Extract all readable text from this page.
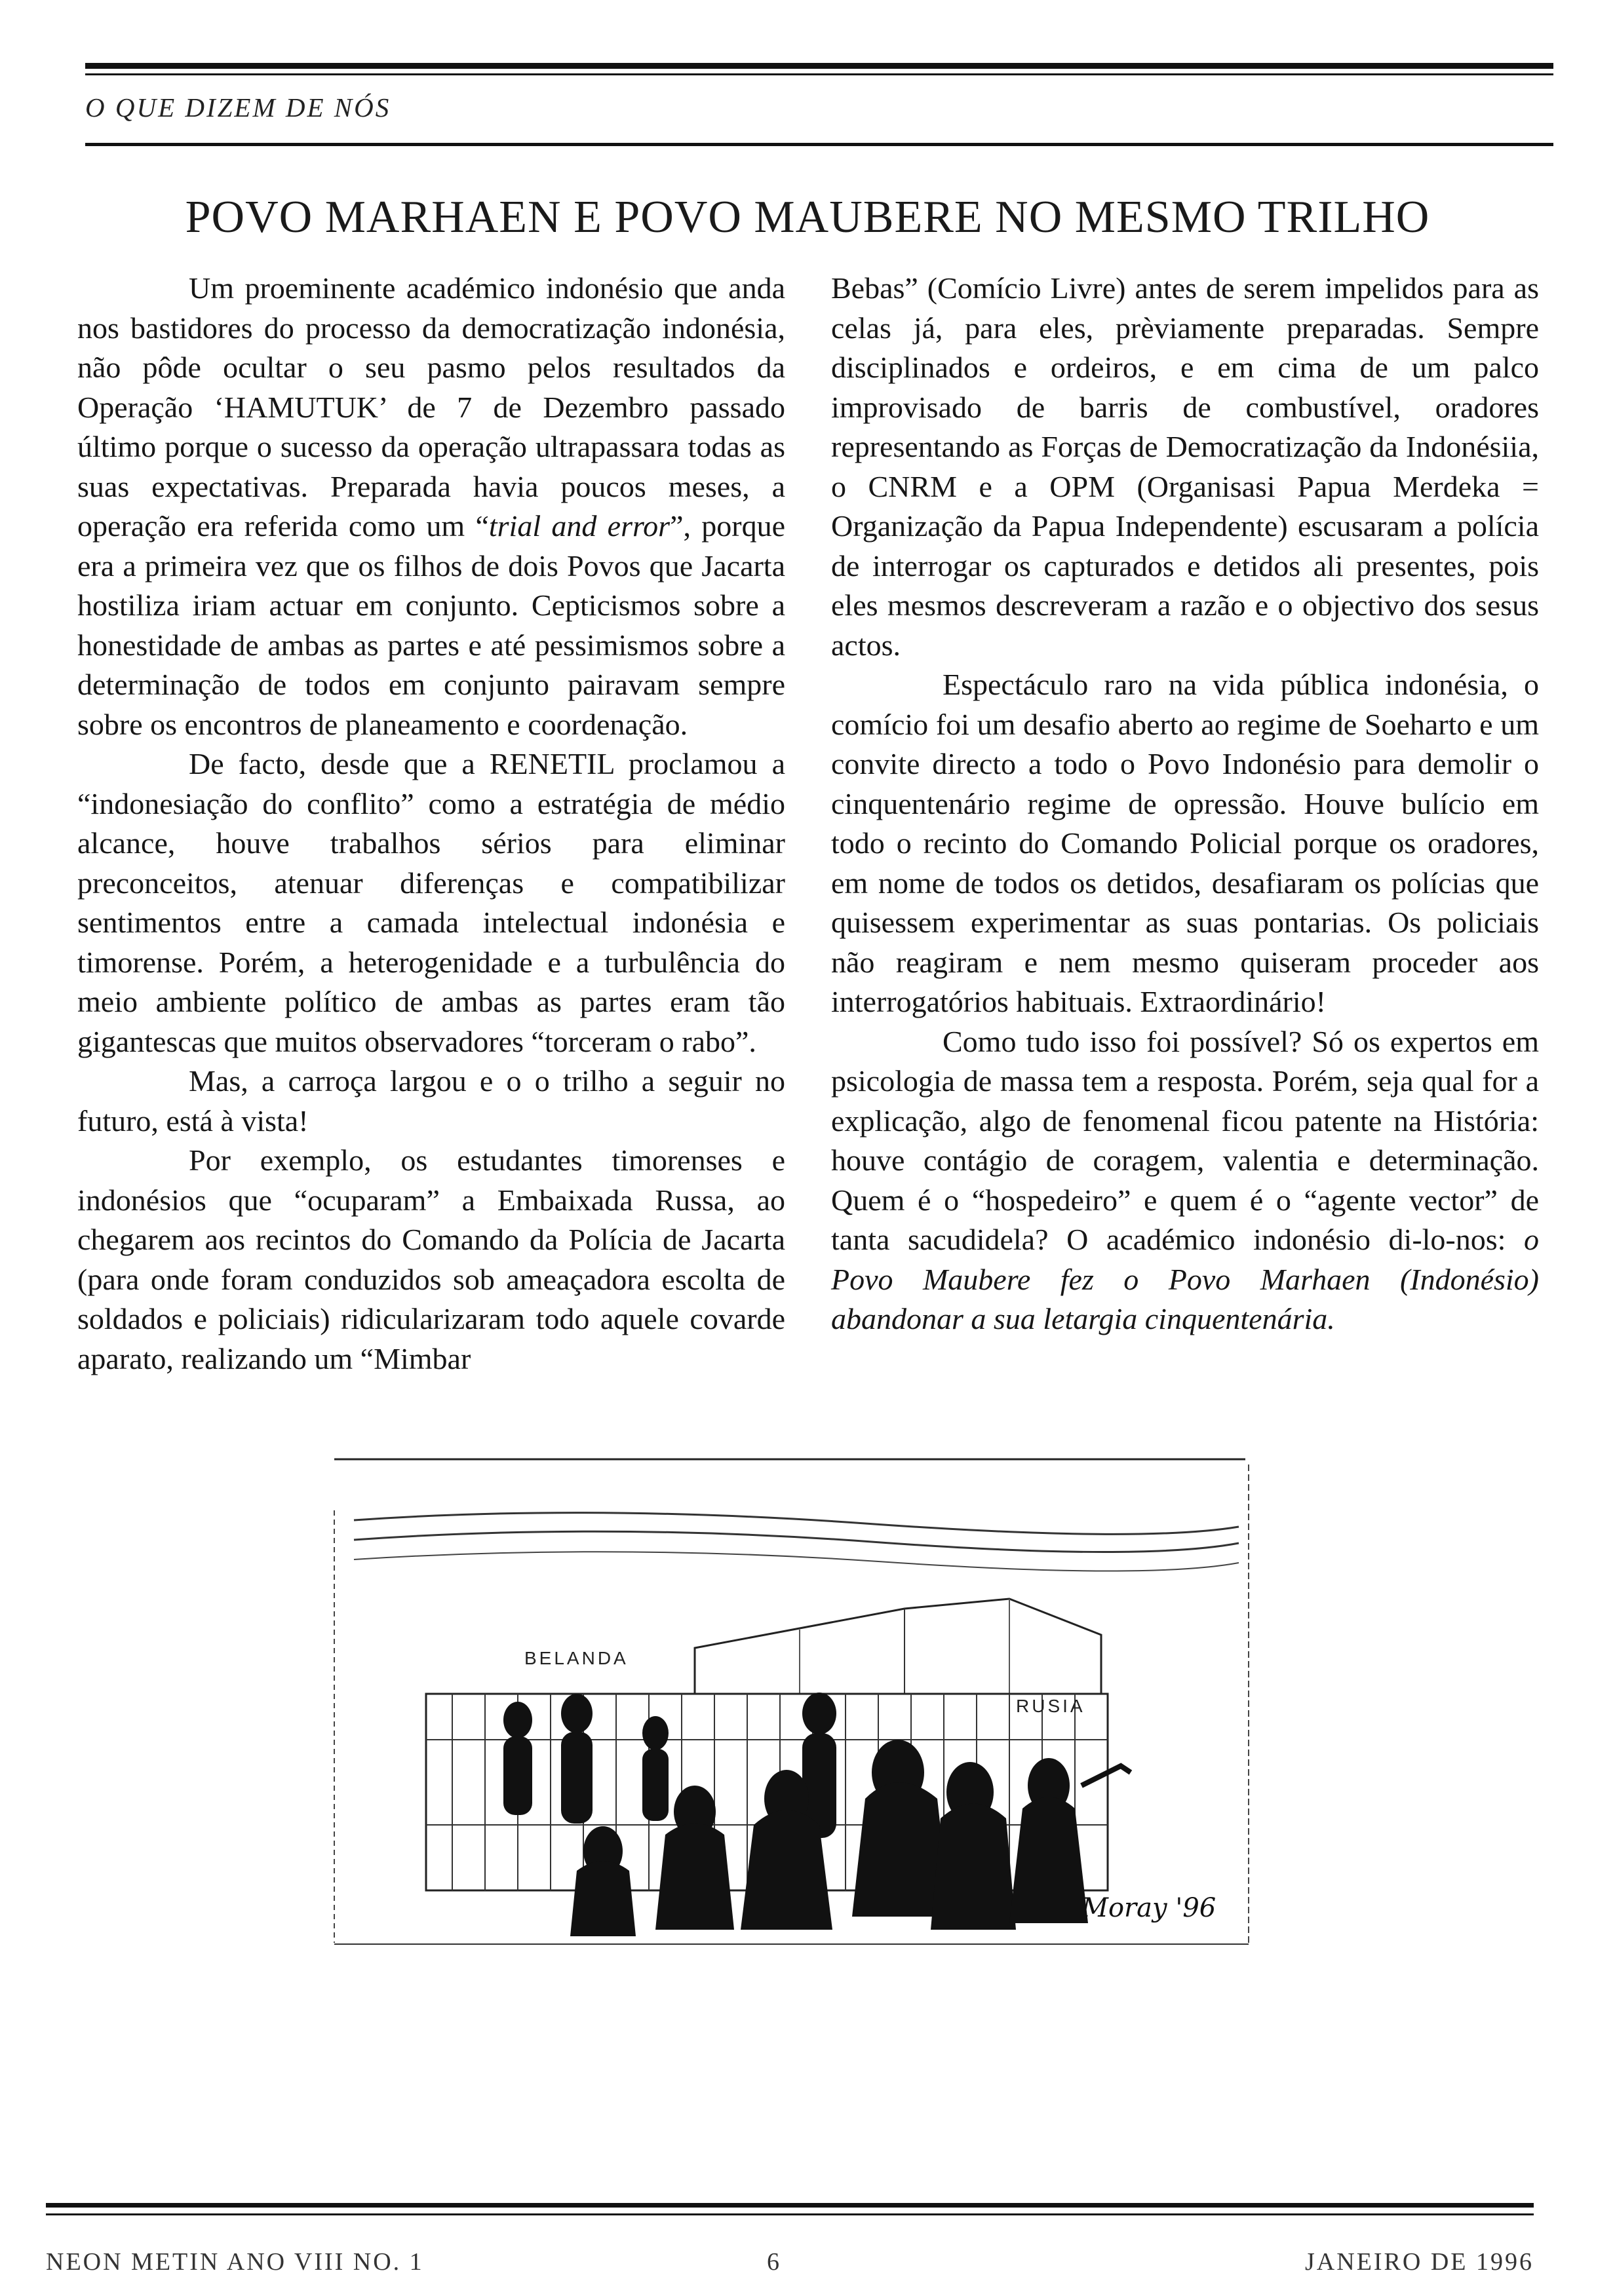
O QUE DIZEM DE NÓS
POVO MARHAEN E POVO MAUBERE NO MESMO TRILHO

Um proeminente académico indonésio que anda nos bastidores do processo da democratização indonésia, não pôde ocultar o seu pasmo pelos resultados da Operação ‘HAMUTUK’ de 7 de Dezembro passado último porque o sucesso da operação ultrapassara todas as suas expectativas. Preparada havia poucos meses, a operação era referida como um “trial and error”, porque era a primeira vez que os filhos de dois Povos que Jacarta hostiliza iriam actuar em conjunto. Cepticismos sobre a honestidade de ambas as partes e até pessimismos sobre a determinação de todos em conjunto pairavam sempre sobre os encontros de planeamento e coordenação.

De facto, desde que a RENETIL proclamou a “indonesiação do conflito” como a estratégia de médio alcance, houve trabalhos sérios para eliminar preconceitos, atenuar diferenças e compatibilizar sentimentos entre a camada intelectual indonésia e timorense. Porém, a heterogenidade e a turbulência do meio ambiente político de ambas as partes eram tão gigantescas que muitos observadores “torceram o rabo”.

Mas, a carroça largou e o o trilho a seguir no futuro, está à vista!

Por exemplo, os estudantes timorenses e indonésios que “ocuparam” a Embaixada Russa, ao chegarem aos recintos do Comando da Polícia de Jacarta (para onde foram conduzidos sob ameaçadora escolta de soldados e policiais) ridicularizaram todo aquele covarde aparato, realizando um “Mimbar

Bebas” (Comício Livre) antes de serem impelidos para as celas já, para eles, prèviamente preparadas. Sempre disciplinados e ordeiros, e em cima de um palco improvisado de barris de combustível, oradores representando as Forças de Democratização da Indonésiia, o CNRM e a OPM (Organisasi Papua Merdeka = Organização da Papua Independente) escusaram a polícia de interrogar os capturados e detidos ali presentes, pois eles mesmos descreveram a razão e o objectivo dos sesus actos.

Espectáculo raro na vida pública indonésia, o comício foi um desafio aberto ao regime de Soeharto e um convite directo a todo o Povo Indonésio para demolir o cinquentenário regime de opressão. Houve bulício em todo o recinto do Comando Policial porque os oradores, em nome de todos os detidos, desafiaram os polícias que quisessem experimentar as suas pontarias. Os policiais não reagiram e nem mesmo quiseram proceder aos interrogatórios habituais. Extraordinário!

Como tudo isso foi possível? Só os expertos em psicologia de massa tem a resposta. Porém, seja qual for a explicação, algo de fenomenal ficou patente na História: houve contágio de coragem, valentia e determinação. Quem é o “hospedeiro” e quem é o “agente vector” de tanta sacudidela? O académico indonésio di-lo-nos: o Povo Maubere fez o Povo Marhaen (Indonésio) abandonar a sua letargia cinquentenária.

BELANDA
RUSIA
Moray '96
NEON METIN ANO VIII NO. 1	6	JANEIRO DE 1996
